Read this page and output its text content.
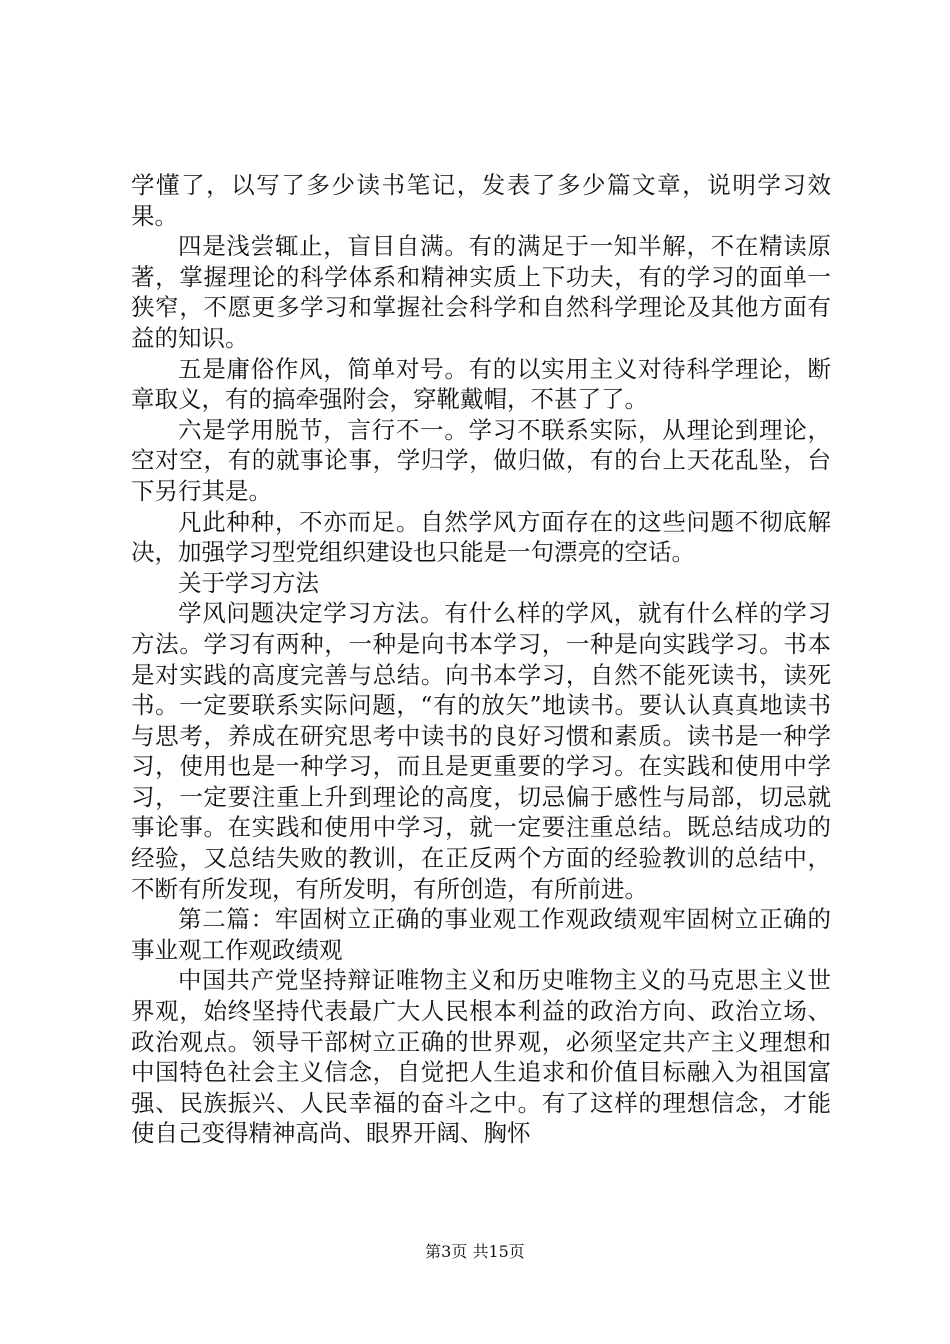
学懂了，以写了多少读书笔记，发表了多少篇文章，说明学习效果。

四是浅尝辄止，盲目自满。有的满足于一知半解，不在精读原著，掌握理论的科学体系和精神实质上下功夫，有的学习的面单一狭窄，不愿更多学习和掌握社会科学和自然科学理论及其他方面有益的知识。

五是庸俗作风，简单对号。有的以实用主义对待科学理论，断章取义，有的搞牵强附会，穿靴戴帽，不甚了了。

六是学用脱节，言行不一。学习不联系实际，从理论到理论，空对空，有的就事论事，学归学，做归做，有的台上天花乱坠，台下另行其是。

凡此种种，不亦而足。自然学风方面存在的这些问题不彻底解决，加强学习型党组织建设也只能是一句漂亮的空话。

关于学习方法

学风问题决定学习方法。有什么样的学风，就有什么样的学习方法。学习有两种，一种是向书本学习，一种是向实践学习。书本是对实践的高度完善与总结。向书本学习，自然不能死读书，读死书。一定要联系实际问题，“有的放矢”地读书。要认认真真地读书与思考，养成在研究思考中读书的良好习惯和素质。读书是一种学习，使用也是一种学习，而且是更重要的学习。在实践和使用中学习，一定要注重上升到理论的高度，切忌偏于感性与局部，切忌就事论事。在实践和使用中学习，就一定要注重总结。既总结成功的经验，又总结失败的教训，在正反两个方面的经验教训的总结中，不断有所发现，有所发明，有所创造，有所前进。

第二篇：牢固树立正确的事业观工作观政绩观牢固树立正确的事业观工作观政绩观

中国共产党坚持辩证唯物主义和历史唯物主义的马克思主义世界观，始终坚持代表最广大人民根本利益的政治方向、政治立场、政治观点。领导干部树立正确的世界观，必须坚定共产主义理想和中国特色社会主义信念，自觉把人生追求和价值目标融入为祖国富强、民族振兴、人民幸福的奋斗之中。有了这样的理想信念，才能使自己变得精神高尚、眼界开阔、胸怀

第3页 共15页
